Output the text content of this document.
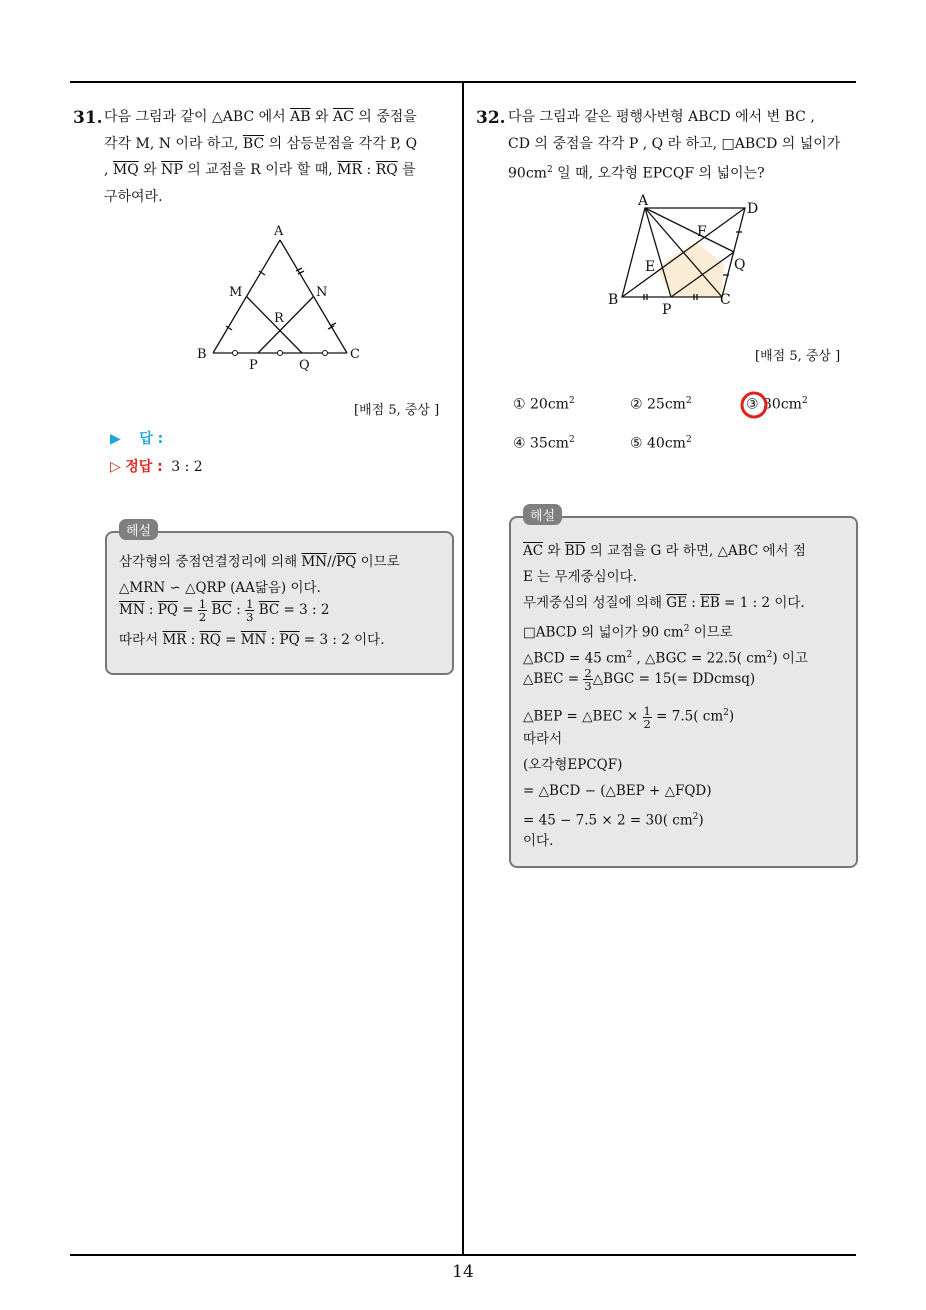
14
31. 다음 그림과 같이 △ABC 에서 $\overline{AB}$ 와 $\overline{AC}$ 의 중점을
각각 M, N 이라 하고, $\overline{BC}$ 의 삼등분점을 각각 P, Q
, $\overline{MQ}$ 와 $\overline{NP}$ 의 교점을 R 이라 할 때, $\overline{MR}$ : $\overline{RQ}$ 를
구하여라.
A
B	C
M	N
R
P	Q
[배점 5, 중상 ]
▶ 답 :
▷ 정답 : 3 : 2
삼각형의 중점연결정리에 의해 $\overline{MN}//\overline{PQ}$ 이므로
△MRN ∽ △QRP (AA닮음) 이다.
$\overline{MN}$ : $\overline{PQ} = \frac{1}{2} \overline{BC}$ : $\frac{1}{3} \overline{BC} = 3$ : 2
따라서 $\overline{MR}$ : $\overline{RQ} = \overline{MN}$ : $\overline{PQ} = 3$ : 2 이다.
해설
32. 다음 그림과 같은 평행사변형 ABCD 에서 변 BC ,
CD 의 중점을 각각 P , Q 라 하고, □ABCD 의 넓이가
$90cm^2$ 일 때, 오각형 EPCQF 의 넓이는?
A	D
B	C
E
F
P
Q
[배점 5, 중상 ]
① $20cm^2$	② $25cm^2$	③ $30cm^2$
④ $35cm^2$	⑤ $40cm^2$
$\overline{AC}$ 와 $\overline{BD}$ 의 교점을 G 라 하면, △ABC 에서 점
E 는 무게중심이다.
무게중심의 성질에 의해 $\overline{GE}$ : $\overline{EB} = 1$ : 2 이다.
□ABCD 의 넓이가 90 $cm^2$ 이므로
△BCD = 45 $cm^2$ , △BGC = 22.5( $cm^2$) 이고
△BEC = $\frac{2}{3}$ △BGC = 15(= DDcmsq)
△BEP = △BEC × $\frac{1}{2} = 7.5$( $cm^2$)
따라서
(오각형EPCQF)
= △BCD − (△BEP + △FQD)
= 45 − 7.5 × 2 = 30( $cm^2$)
이다.
해설
